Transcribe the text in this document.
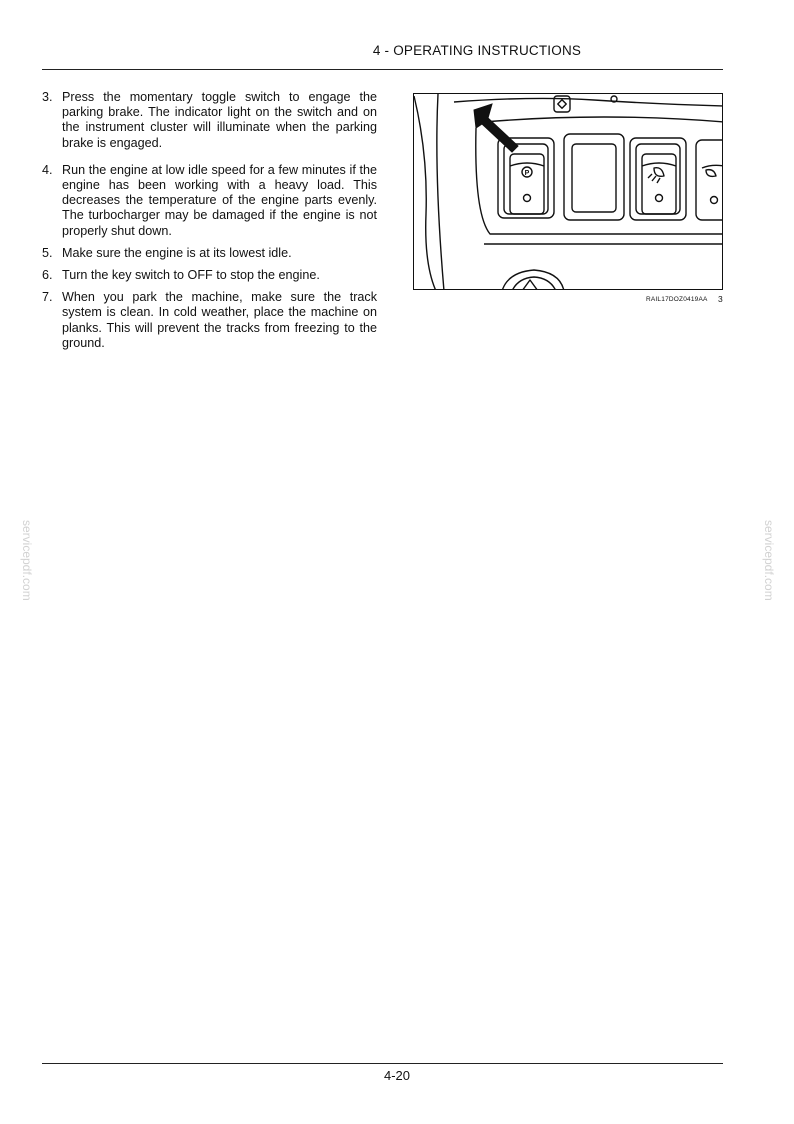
4 - OPERATING INSTRUCTIONS
3. Press the momentary toggle switch to engage the parking brake. The indicator light on the switch and on the instrument cluster will illuminate when the parking brake is engaged.
4. Run the engine at low idle speed for a few minutes if the engine has been working with a heavy load. This decreases the temperature of the engine parts evenly. The turbocharger may be damaged if the engine is not properly shut down.
5. Make sure the engine is at its lowest idle.
6. Turn the key switch to OFF to stop the engine.
7. When you park the machine, make sure the track system is clean. In cold weather, place the machine on planks. This will prevent the tracks from freezing to the ground.
P
RAIL17DOZ0419AA 3
servicepdf.com	servicepdf.com
4-20
